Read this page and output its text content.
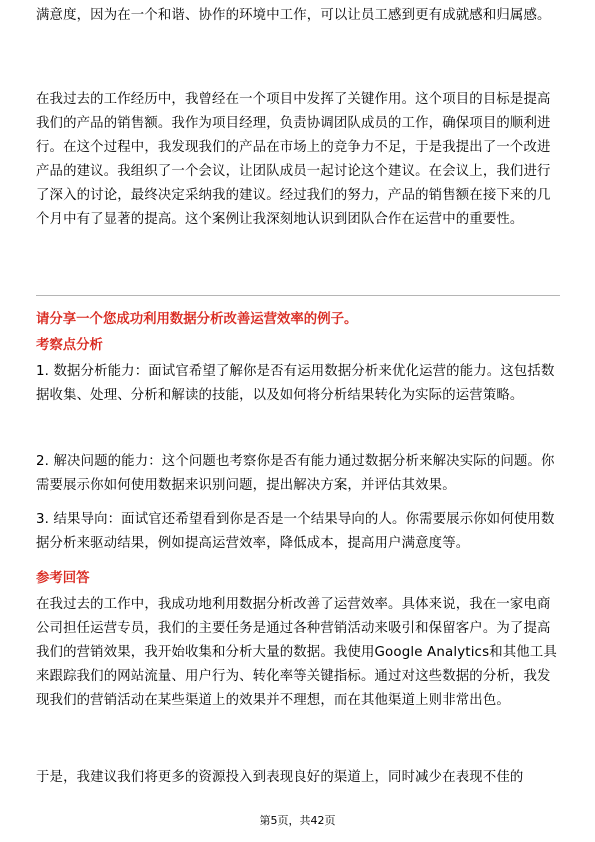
满意度，因为在一个和谐、协作的环境中工作，可以让员工感到更有成就感和归属感。

在我过去的工作经历中，我曾经在一个项目中发挥了关键作用。这个项目的目标是提高我们的产品的销售额。我作为项目经理，负责协调团队成员的工作，确保项目的顺利进行。在这个过程中，我发现我们的产品在市场上的竞争力不足，于是我提出了一个改进产品的建议。我组织了一个会议，让团队成员一起讨论这个建议。在会议上，我们进行了深入的讨论，最终决定采纳我的建议。经过我们的努力，产品的销售额在接下来的几个月中有了显著的提高。这个案例让我深刻地认识到团队合作在运营中的重要性。

请分享一个您成功利用数据分析改善运营效率的例子。

考察点分析

1. 数据分析能力：面试官希望了解你是否有运用数据分析来优化运营的能力。这包括数据收集、处理、分析和解读的技能，以及如何将分析结果转化为实际的运营策略。

2. 解决问题的能力：这个问题也考察你是否有能力通过数据分析来解决实际的问题。你需要展示你如何使用数据来识别问题，提出解决方案，并评估其效果。

3. 结果导向：面试官还希望看到你是否是一个结果导向的人。你需要展示你如何使用数据分析来驱动结果，例如提高运营效率，降低成本，提高用户满意度等。

参考回答

在我过去的工作中，我成功地利用数据分析改善了运营效率。具体来说，我在一家电商公司担任运营专员，我们的主要任务是通过各种营销活动来吸引和保留客户。为了提高我们的营销效果，我开始收集和分析大量的数据。我使用Google Analytics和其他工具来跟踪我们的网站流量、用户行为、转化率等关键指标。通过对这些数据的分析，我发现我们的营销活动在某些渠道上的效果并不理想，而在其他渠道上则非常出色。

于是，我建议我们将更多的资源投入到表现良好的渠道上，同时减少在表现不佳的

第5页，共42页
